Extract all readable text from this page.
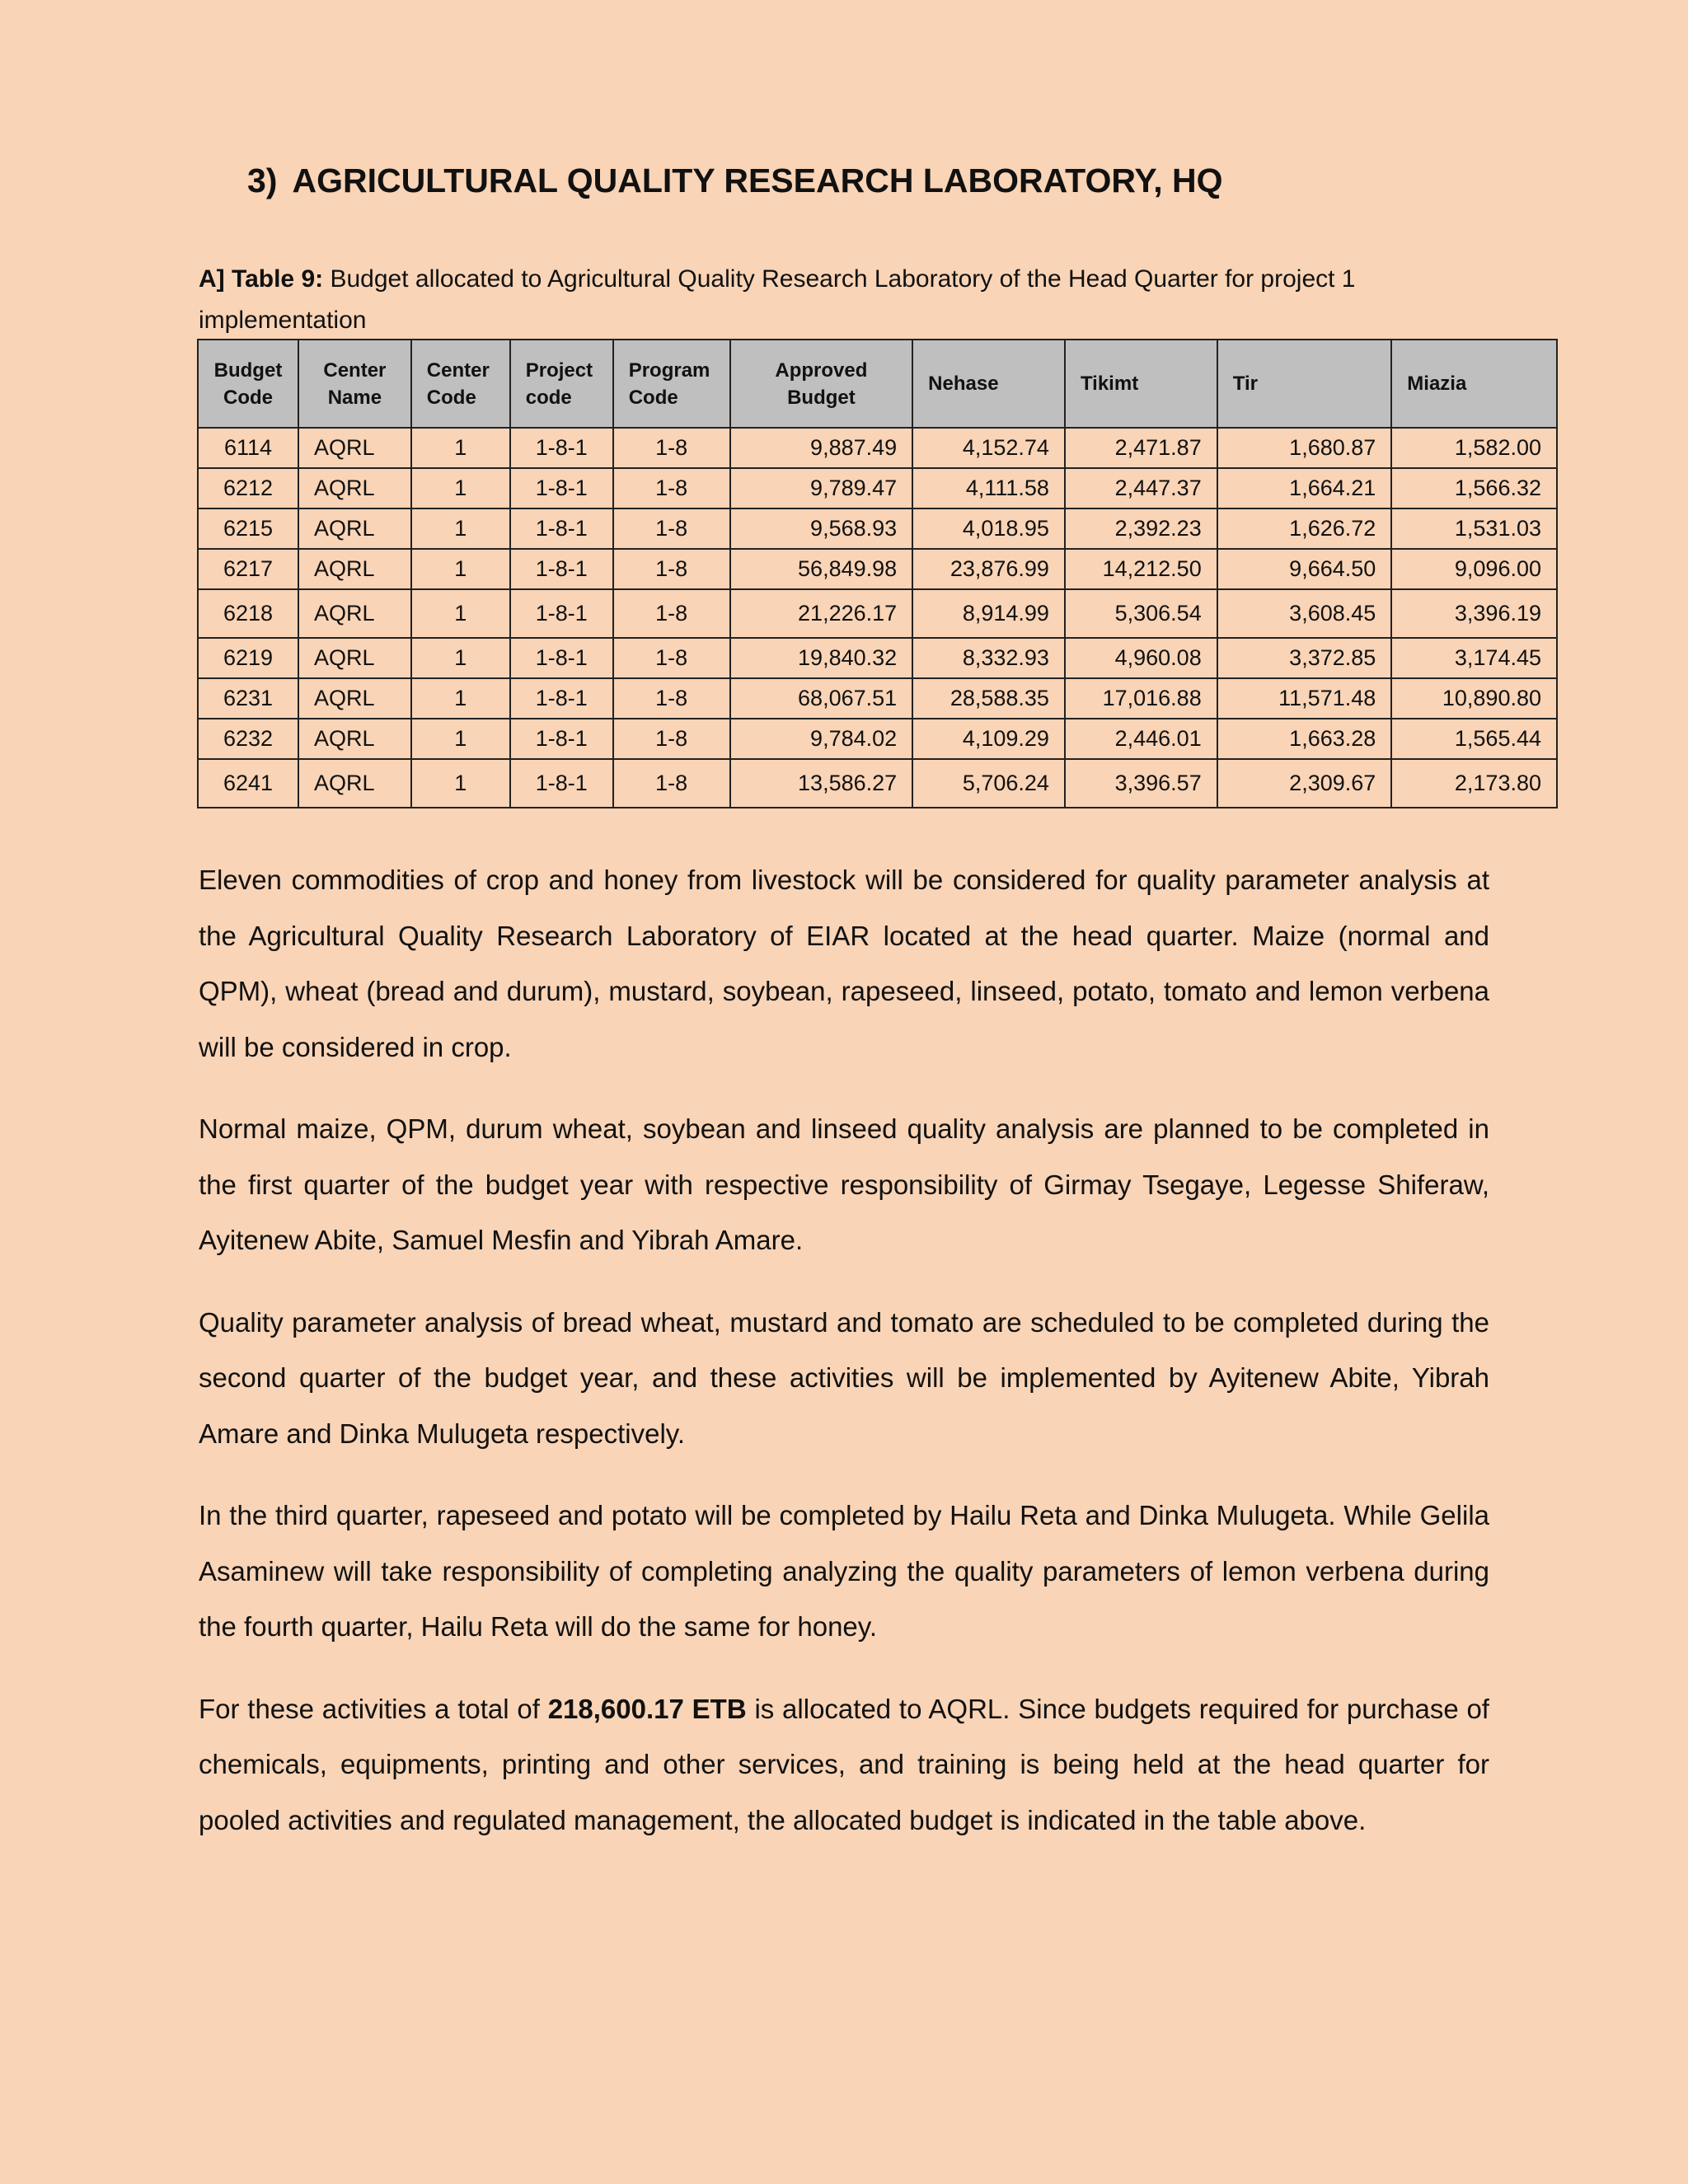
3) AGRICULTURAL QUALITY RESEARCH LABORATORY, HQ
A] Table 9: Budget allocated to Agricultural Quality Research Laboratory of the Head Quarter for project 1 implementation
Budget Code	Center Name	Center Code	Project code	Program Code	Approved Budget	Nehase	Tikimt	Tir	Miazia
6114	AQRL	1	1-8-1	1-8	9,887.49	4,152.74	2,471.87	1,680.87	1,582.00
6212	AQRL	1	1-8-1	1-8	9,789.47	4,111.58	2,447.37	1,664.21	1,566.32
6215	AQRL	1	1-8-1	1-8	9,568.93	4,018.95	2,392.23	1,626.72	1,531.03
6217	AQRL	1	1-8-1	1-8	56,849.98	23,876.99	14,212.50	9,664.50	9,096.00
6218	AQRL	1	1-8-1	1-8	21,226.17	8,914.99	5,306.54	3,608.45	3,396.19
6219	AQRL	1	1-8-1	1-8	19,840.32	8,332.93	4,960.08	3,372.85	3,174.45
6231	AQRL	1	1-8-1	1-8	68,067.51	28,588.35	17,016.88	11,571.48	10,890.80
6232	AQRL	1	1-8-1	1-8	9,784.02	4,109.29	2,446.01	1,663.28	1,565.44
6241	AQRL	1	1-8-1	1-8	13,586.27	5,706.24	3,396.57	2,309.67	2,173.80

Eleven commodities of crop and honey from livestock will be considered for quality parameter analysis at the Agricultural Quality Research Laboratory of EIAR located at the head quarter. Maize (normal and QPM), wheat (bread and durum), mustard, soybean, rapeseed, linseed, potato, tomato and lemon verbena will be considered in crop.

Normal maize, QPM, durum wheat, soybean and linseed quality analysis are planned to be completed in the first quarter of the budget year with respective responsibility of Girmay Tsegaye, Legesse Shiferaw, Ayitenew Abite, Samuel Mesfin and Yibrah Amare.

Quality parameter analysis of bread wheat, mustard and tomato are scheduled to be completed during the second quarter of the budget year, and these activities will be implemented by Ayitenew Abite, Yibrah Amare and Dinka Mulugeta respectively.

In the third quarter, rapeseed and potato will be completed by Hailu Reta and Dinka Mulugeta. While Gelila Asaminew will take responsibility of completing analyzing the quality parameters of lemon verbena during the fourth quarter, Hailu Reta will do the same for honey.

For these activities a total of 218,600.17 ETB is allocated to AQRL. Since budgets required for purchase of chemicals, equipments, printing and other services, and training is being held at the head quarter for pooled activities and regulated management, the allocated budget is indicated in the table above.
